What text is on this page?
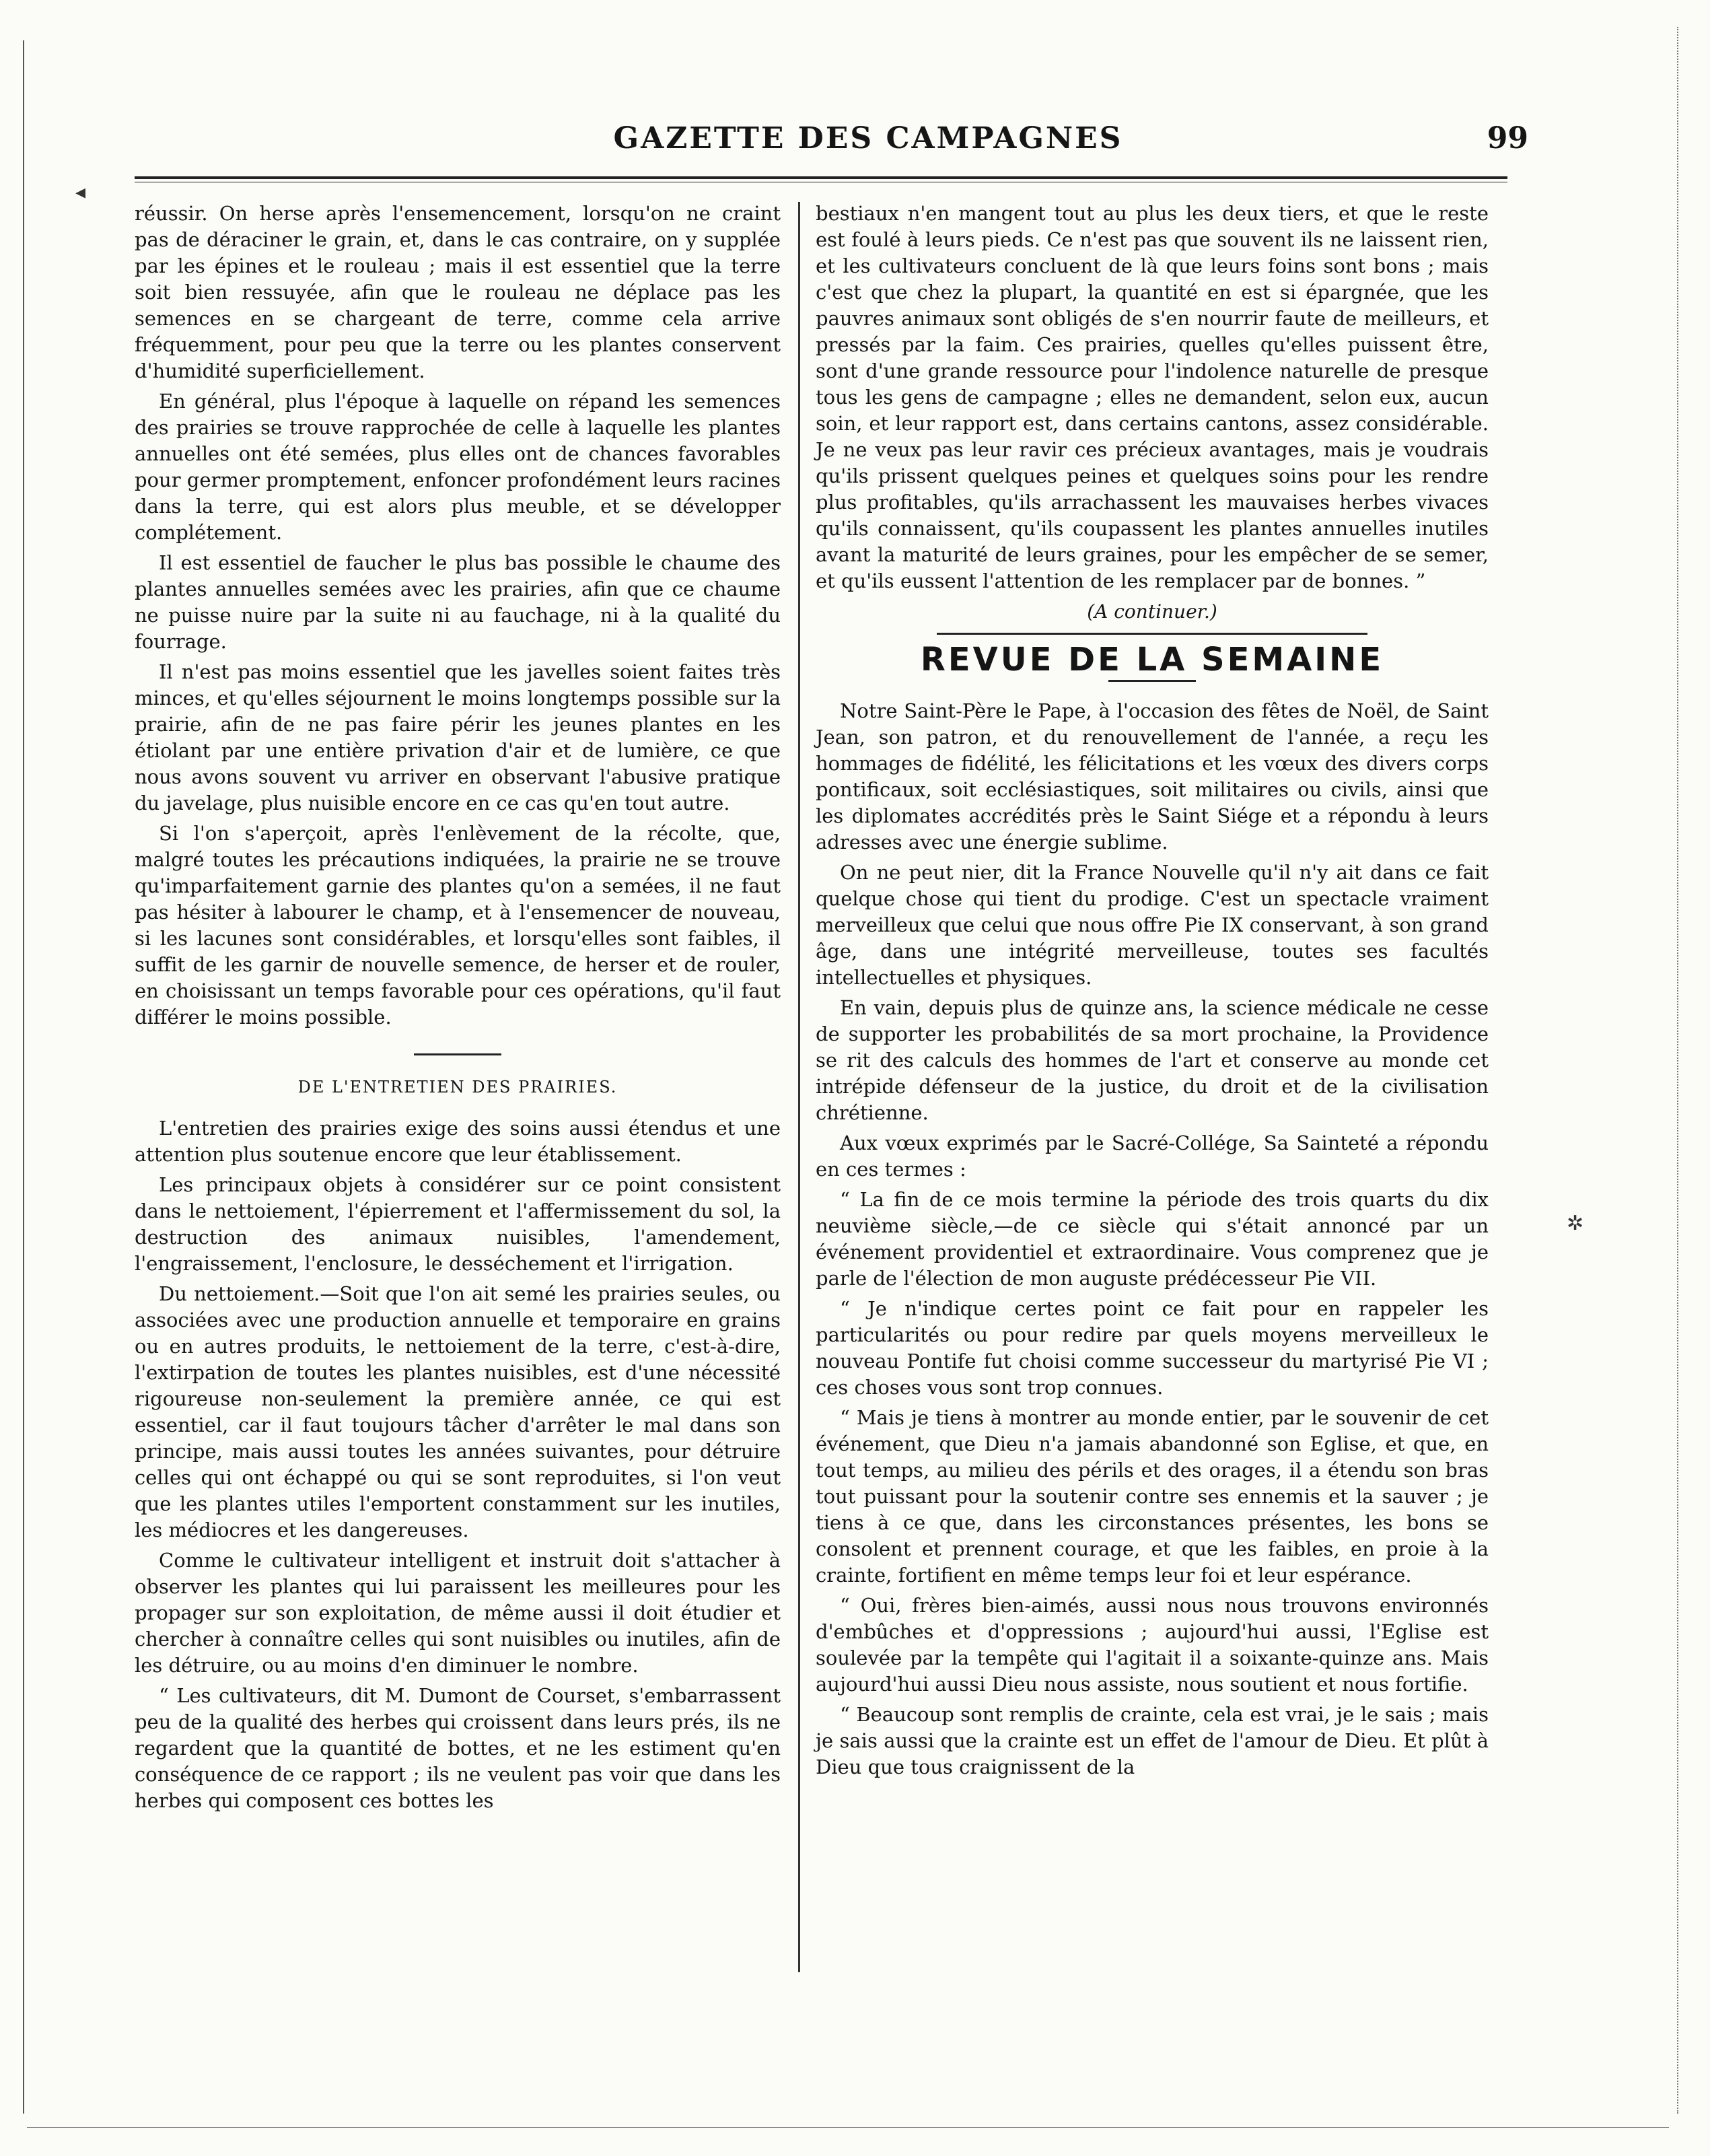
GAZETTE DES CAMPAGNES	99

réussir. On herse après l'ensemencement, lorsqu'on ne craint pas de déraciner le grain, et, dans le cas contraire, on y supplée par les épines et le rouleau ; mais il est essentiel que la terre soit bien ressuyée, afin que le rouleau ne déplace pas les semences en se chargeant de terre, comme cela arrive fréquemment, pour peu que la terre ou les plantes conservent d'humidité superficiellement.

En général, plus l'époque à laquelle on répand les semences des prairies se trouve rapprochée de celle à laquelle les plantes annuelles ont été semées, plus elles ont de chances favorables pour germer promptement, enfoncer profondément leurs racines dans la terre, qui est alors plus meuble, et se développer complétement.

Il est essentiel de faucher le plus bas possible le chaume des plantes annuelles semées avec les prairies, afin que ce chaume ne puisse nuire par la suite ni au fauchage, ni à la qualité du fourrage.

Il n'est pas moins essentiel que les javelles soient faites très minces, et qu'elles séjournent le moins longtemps possible sur la prairie, afin de ne pas faire périr les jeunes plantes en les étiolant par une entière privation d'air et de lumière, ce que nous avons souvent vu arriver en observant l'abusive pratique du javelage, plus nuisible encore en ce cas qu'en tout autre.

Si l'on s'aperçoit, après l'enlèvement de la récolte, que, malgré toutes les précautions indiquées, la prairie ne se trouve qu'imparfaitement garnie des plantes qu'on a semées, il ne faut pas hésiter à labourer le champ, et à l'ensemencer de nouveau, si les lacunes sont considérables, et lorsqu'elles sont faibles, il suffit de les garnir de nouvelle semence, de herser et de rouler, en choisissant un temps favorable pour ces opérations, qu'il faut différer le moins possible.

DE L'ENTRETIEN DES PRAIRIES.

L'entretien des prairies exige des soins aussi étendus et une attention plus soutenue encore que leur établissement.

Les principaux objets à considérer sur ce point consistent dans le nettoiement, l'épierrement et l'affermissement du sol, la destruction des animaux nuisibles, l'amendement, l'engraissement, l'enclosure, le desséchement et l'irrigation.

Du nettoiement.—Soit que l'on ait semé les prairies seules, ou associées avec une production annuelle et temporaire en grains ou en autres produits, le nettoiement de la terre, c'est-à-dire, l'extirpation de toutes les plantes nuisibles, est d'une nécessité rigoureuse non-seulement la première année, ce qui est essentiel, car il faut toujours tâcher d'arrêter le mal dans son principe, mais aussi toutes les années suivantes, pour détruire celles qui ont échappé ou qui se sont reproduites, si l'on veut que les plantes utiles l'emportent constamment sur les inutiles, les médiocres et les dangereuses.

Comme le cultivateur intelligent et instruit doit s'attacher à observer les plantes qui lui paraissent les meilleures pour les propager sur son exploitation, de même aussi il doit étudier et chercher à connaître celles qui sont nuisibles ou inutiles, afin de les détruire, ou au moins d'en diminuer le nombre.

“ Les cultivateurs, dit M. Dumont de Courset, s'embarrassent peu de la qualité des herbes qui croissent dans leurs prés, ils ne regardent que la quantité de bottes, et ne les estiment qu'en conséquence de ce rapport ; ils ne veulent pas voir que dans les herbes qui composent ces bottes les

bestiaux n'en mangent tout au plus les deux tiers, et que le reste est foulé à leurs pieds. Ce n'est pas que souvent ils ne laissent rien, et les cultivateurs concluent de là que leurs foins sont bons ; mais c'est que chez la plupart, la quantité en est si épargnée, que les pauvres animaux sont obligés de s'en nourrir faute de meilleurs, et pressés par la faim. Ces prairies, quelles qu'elles puissent être, sont d'une grande ressource pour l'indolence naturelle de presque tous les gens de campagne ; elles ne demandent, selon eux, aucun soin, et leur rapport est, dans certains cantons, assez considérable. Je ne veux pas leur ravir ces précieux avantages, mais je voudrais qu'ils prissent quelques peines et quelques soins pour les rendre plus profitables, qu'ils arrachassent les mauvaises herbes vivaces qu'ils connaissent, qu'ils coupassent les plantes annuelles inutiles avant la maturité de leurs graines, pour les empêcher de se semer, et qu'ils eussent l'attention de les remplacer par de bonnes. ”

(A continuer.)
REVUE DE LA SEMAINE

Notre Saint-Père le Pape, à l'occasion des fêtes de Noël, de Saint Jean, son patron, et du renouvellement de l'année, a reçu les hommages de fidélité, les félicitations et les vœux des divers corps pontificaux, soit ecclésiastiques, soit militaires ou civils, ainsi que les diplomates accrédités près le Saint Siége et a répondu à leurs adresses avec une énergie sublime.

On ne peut nier, dit la France Nouvelle qu'il n'y ait dans ce fait quelque chose qui tient du prodige. C'est un spectacle vraiment merveilleux que celui que nous offre Pie IX conservant, à son grand âge, dans une intégrité merveilleuse, toutes ses facultés intellectuelles et physiques.

En vain, depuis plus de quinze ans, la science médicale ne cesse de supporter les probabilités de sa mort prochaine, la Providence se rit des calculs des hommes de l'art et conserve au monde cet intrépide défenseur de la justice, du droit et de la civilisation chrétienne.

Aux vœux exprimés par le Sacré-Collége, Sa Sainteté a répondu en ces termes :

“ La fin de ce mois termine la période des trois quarts du dix neuvième siècle,—de ce siècle qui s'était annoncé par un événement providentiel et extraordinaire. Vous comprenez que je parle de l'élection de mon auguste prédécesseur Pie VII.

“ Je n'indique certes point ce fait pour en rappeler les particularités ou pour redire par quels moyens merveilleux le nouveau Pontife fut choisi comme successeur du martyrisé Pie VI ; ces choses vous sont trop connues.

“ Mais je tiens à montrer au monde entier, par le souvenir de cet événement, que Dieu n'a jamais abandonné son Eglise, et que, en tout temps, au milieu des périls et des orages, il a étendu son bras tout puissant pour la soutenir contre ses ennemis et la sauver ; je tiens à ce que, dans les circonstances présentes, les bons se consolent et prennent courage, et que les faibles, en proie à la crainte, fortifient en même temps leur foi et leur espérance.

“ Oui, frères bien-aimés, aussi nous nous trouvons environnés d'embûches et d'oppressions ; aujourd'hui aussi, l'Eglise est soulevée par la tempête qui l'agitait il a soixante-quinze ans. Mais aujourd'hui aussi Dieu nous assiste, nous soutient et nous fortifie.

“ Beaucoup sont remplis de crainte, cela est vrai, je le sais ; mais je sais aussi que la crainte est un effet de l'amour de Dieu. Et plût à Dieu que tous craignissent de la

◂
✲
